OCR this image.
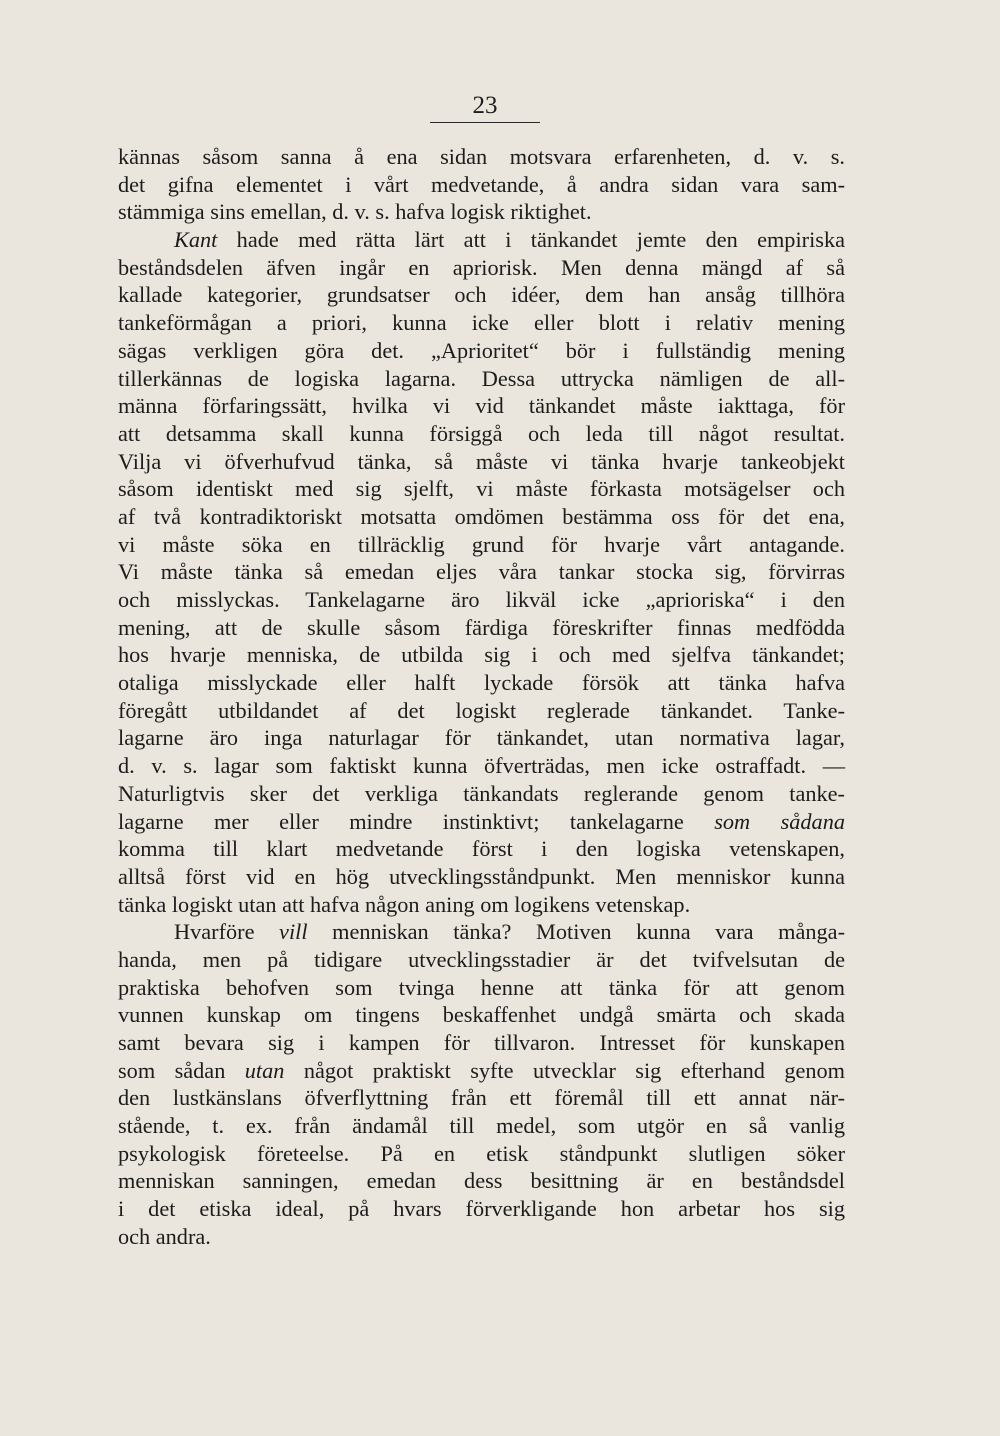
23
kännas såsom sanna å ena sidan motsvara erfarenheten, d. v. s.
det gifna elementet i vårt medvetande, å andra sidan vara sam-
stämmiga sins emellan, d. v. s. hafva logisk riktighet.
Kant hade med rätta lärt att i tänkandet jemte den empiriska
beståndsdelen äfven ingår en apriorisk. Men denna mängd af så
kallade kategorier, grundsatser och idéer, dem han ansåg tillhöra
tankeförmågan a priori, kunna icke eller blott i relativ mening
sägas verkligen göra det. „Aprioritet“ bör i fullständig mening
tillerkännas de logiska lagarna. Dessa uttrycka nämligen de all-
männa förfaringssätt, hvilka vi vid tänkandet måste iakttaga, för
att detsamma skall kunna försiggå och leda till något resultat.
Vilja vi öfverhufvud tänka, så måste vi tänka hvarje tankeobjekt
såsom identiskt med sig sjelft, vi måste förkasta motsägelser och
af två kontradiktoriskt motsatta omdömen bestämma oss för det ena,
vi måste söka en tillräcklig grund för hvarje vårt antagande.
Vi måste tänka så emedan eljes våra tankar stocka sig, förvirras
och misslyckas. Tankelagarne äro likväl icke „aprioriska“ i den
mening, att de skulle såsom färdiga föreskrifter finnas medfödda
hos hvarje menniska, de utbilda sig i och med sjelfva tänkandet;
otaliga misslyckade eller halft lyckade försök att tänka hafva
föregått utbildandet af det logiskt reglerade tänkandet. Tanke-
lagarne äro inga naturlagar för tänkandet, utan normativa lagar,
d. v. s. lagar som faktiskt kunna öfverträdas, men icke ostraffadt. —
Naturligtvis sker det verkliga tänkandats reglerande genom tanke-
lagarne mer eller mindre instinktivt; tankelagarne som sådana
komma till klart medvetande först i den logiska vetenskapen,
alltså först vid en hög utvecklingsståndpunkt. Men menniskor kunna
tänka logiskt utan att hafva någon aning om logikens vetenskap.
Hvarföre vill menniskan tänka? Motiven kunna vara många-
handa, men på tidigare utvecklingsstadier är det tvifvelsutan de
praktiska behofven som tvinga henne att tänka för att genom
vunnen kunskap om tingens beskaffenhet undgå smärta och skada
samt bevara sig i kampen för tillvaron. Intresset för kunskapen
som sådan utan något praktiskt syfte utvecklar sig efterhand genom
den lustkänslans öfverflyttning från ett föremål till ett annat när-
stående, t. ex. från ändamål till medel, som utgör en så vanlig
psykologisk företeelse. På en etisk ståndpunkt slutligen söker
menniskan sanningen, emedan dess besittning är en beståndsdel
i det etiska ideal, på hvars förverkligande hon arbetar hos sig
och andra.
